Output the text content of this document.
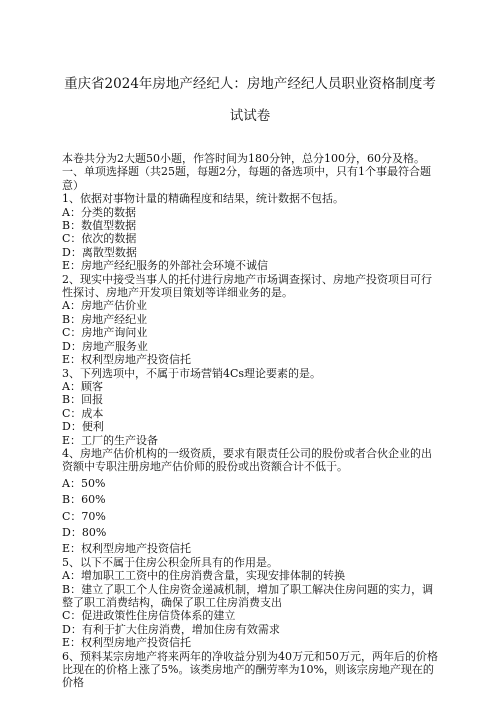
重庆省2024年房地产经纪人：房地产经纪人员职业资格制度考试试卷

本卷共分为2大题50小题，作答时间为180分钟，总分100分，60分及格。

一、单项选择题（共25题，每题2分，每题的备选项中，只有1个事最符合题意）

1、依据对事物计量的精确程度和结果，统计数据不包括。

A：分类的数据

B：数值型数据

C：依次的数据

D：离散型数据

E：房地产经纪服务的外部社会环境不诚信

2、现实中接受当事人的托付进行房地产市场调查探讨、房地产投资项目可行性探讨、房地产开发项目策划等详细业务的是。

A：房地产估价业

B：房地产经纪业

C：房地产询问业

D：房地产服务业

E：权利型房地产投资信托

3、下列选项中，不属于市场营销4Cs理论要素的是。

A：顾客

B：回报

C：成本

D：便利

E：工厂的生产设备

4、房地产估价机构的一级资质，要求有限责任公司的股份或者合伙企业的出资额中专职注册房地产估价师的股份或出资额合计不低于。

A：50%

B：60%

C：70%

D：80%

E：权利型房地产投资信托

5、以下不属于住房公积金所具有的作用是。

A：增加职工工资中的住房消费含量，实现安排体制的转换

B：建立了职工个人住房资金递减机制，增加了职工解决住房问题的实力，调整了职工消费结构，确保了职工住房消费支出

C：促进政策性住房信贷体系的建立

D：有利于扩大住房消费，增加住房有效需求

E：权利型房地产投资信托

6、预料某宗房地产将来两年的净收益分别为40万元和50万元，两年后的价格比现在的价格上涨了5%。该类房地产的酬劳率为10%，则该宗房地产现在的价格
